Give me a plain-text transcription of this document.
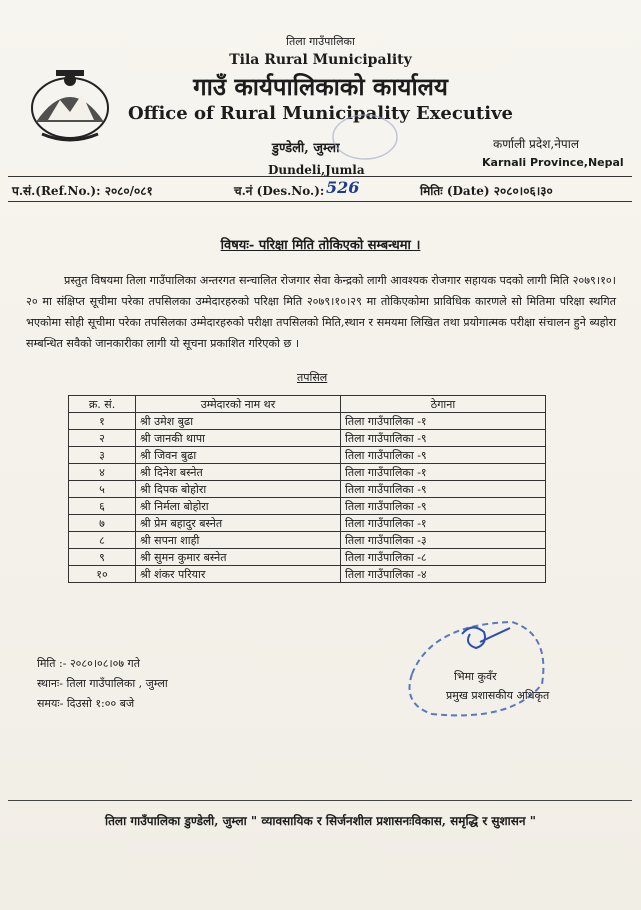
तिला गाउँपालिका
Tila Rural Municipality
गाउँ कार्यपालिकाको कार्यालय
Office of Rural Municipality Executive
डुण्डेली, जुम्ला
Dundeli,Jumla
कर्णाली प्रदेश,नेपाल
Karnali Province,Nepal
प.सं.(Ref.No.): २०८०/०८१	च.नं (Des.No.): 526	मितिः (Date) २०८०।०६।३०
विषयः- परिक्षा मिति तोकिएको सम्बन्धमा ।
प्रस्तुत विषयमा तिला गाउँपालिका अन्तरगत सन्चालित रोजगार सेवा केन्द्रको लागी आवश्यक रोजगार सहायक पदको लागी मिति २०७९।१०।२० मा संक्षिप्त सूचीमा परेका तपसिलका उम्मेदारहरुको परिक्षा मिति २०७९।१०।२९ मा तोकिएकोमा प्राविधिक कारणले सो मितिमा परिक्षा स्थगित भएकोमा सोही सूचीमा परेका तपसिलका उम्मेदारहरुको परीक्षा तपसिलको मिति,स्थान र समयमा लिखित तथा प्रयोगात्मक परीक्षा संचालन हुने ब्यहोरा सम्बन्धित सवैको जानकारीका लागी यो सूचना प्रकाशित गरिएको छ ।
तपसिल
क्र. सं.	उम्मेदारको नाम थर	ठेगाना
१	श्री उमेश बुढा	तिला गाउँपालिका -१
२	श्री जानकी थापा	तिला गाउँपालिका -९
३	श्री जिवन बुढा	तिला गाउँपालिका -९
४	श्री दिनेश बस्नेत	तिला गाउँपालिका -१
५	श्री दिपक बोहोरा	तिला गाउँपालिका -९
६	श्री निर्मला बोहोरा	तिला गाउँपालिका -९
७	श्री प्रेम बहादुर बस्नेत	तिला गाउँपालिका -१
८	श्री सपना शाही	तिला गाउँपालिका -३
९	श्री सुमन कुमार बस्नेत	तिला गाउँपालिका -८
१०	श्री शंकर परियार	तिला गाउँपालिका -४
मिति :- २०८०।०८।०७ गते
स्थानः- तिला गाउँपालिका , जुम्ला
समयः- दिउसो १:०० बजे
भिमा कुवँर
प्रमुख प्रशासकीय अधिकृत
तिला गाउँपालिका डुण्डेली, जुम्ला " व्यावसायिक र सिर्जनशील प्रशासनःविकास, समृद्धि र सुशासन "
